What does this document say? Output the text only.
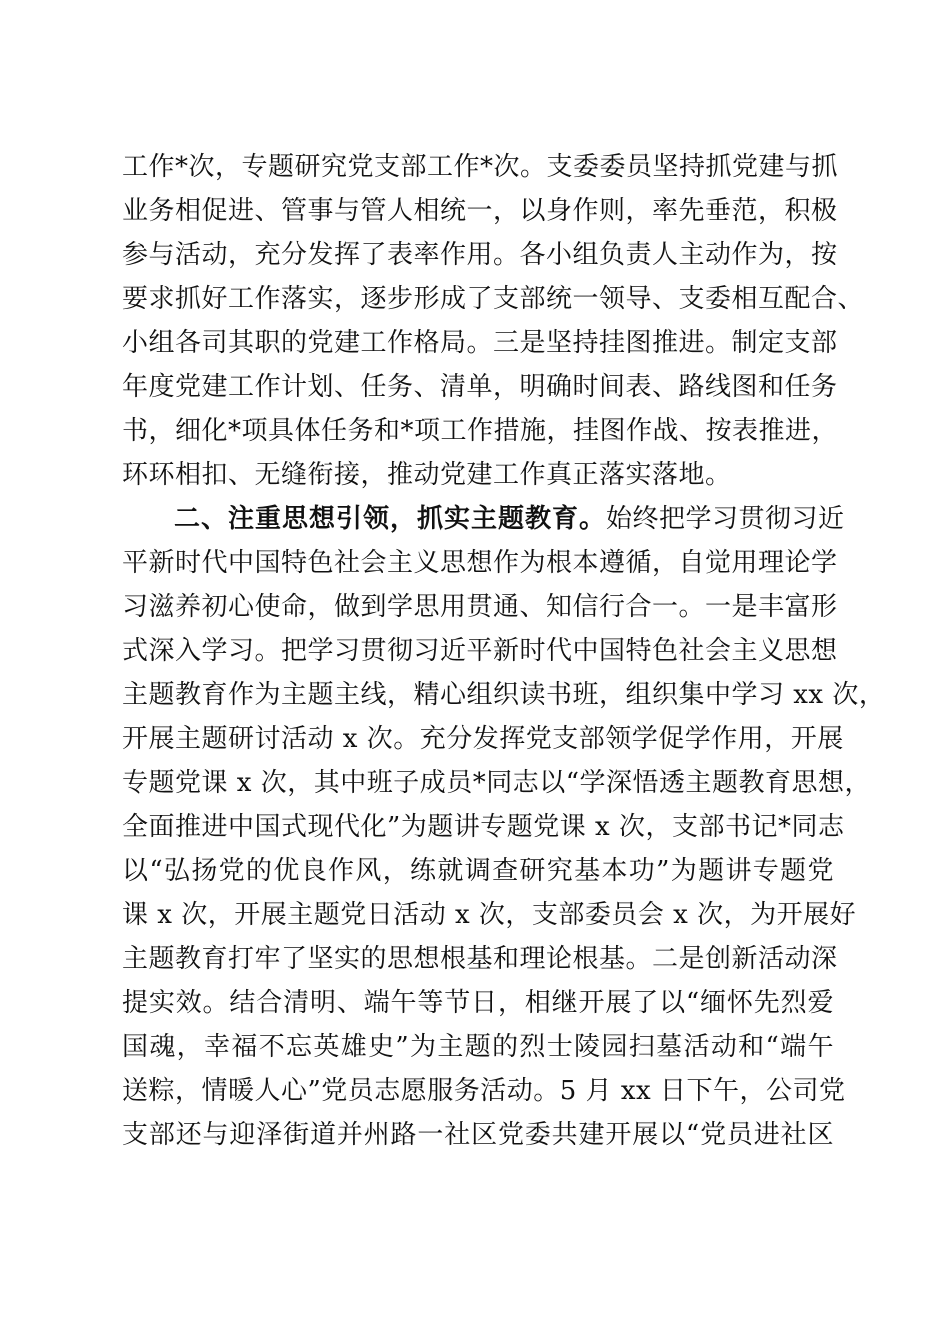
工作*次，专题研究党支部工作*次。支委委员坚持抓党建与抓
业务相促进、管事与管人相统一，以身作则，率先垂范，积极
参与活动，充分发挥了表率作用。各小组负责人主动作为，按
要求抓好工作落实，逐步形成了支部统一领导、支委相互配合、
小组各司其职的党建工作格局。三是坚持挂图推进。制定支部
年度党建工作计划、任务、清单，明确时间表、路线图和任务
书，细化*项具体任务和*项工作措施，挂图作战、按表推进，
环环相扣、无缝衔接，推动党建工作真正落实落地。
二、注重思想引领，抓实主题教育。始终把学习贯彻习近
平新时代中国特色社会主义思想作为根本遵循，自觉用理论学
习滋养初心使命，做到学思用贯通、知信行合一。一是丰富形
式深入学习。把学习贯彻习近平新时代中国特色社会主义思想
主题教育作为主题主线，精心组织读书班，组织集中学习 xx 次，
开展主题研讨活动 x 次。充分发挥党支部领学促学作用，开展
专题党课 x 次，其中班子成员*同志以“学深悟透主题教育思想，
全面推进中国式现代化”为题讲专题党课 x 次，支部书记*同志
以“弘扬党的优良作风，练就调查研究基本功”为题讲专题党
课 x 次，开展主题党日活动 x 次，支部委员会 x 次，为开展好
主题教育打牢了坚实的思想根基和理论根基。二是创新活动深
提实效。结合清明、端午等节日，相继开展了以“缅怀先烈爱
国魂，幸福不忘英雄史”为主题的烈士陵园扫墓活动和“端午
送粽，情暖人心”党员志愿服务活动。5 月 xx 日下午，公司党
支部还与迎泽街道并州路一社区党委共建开展以“党员进社区
